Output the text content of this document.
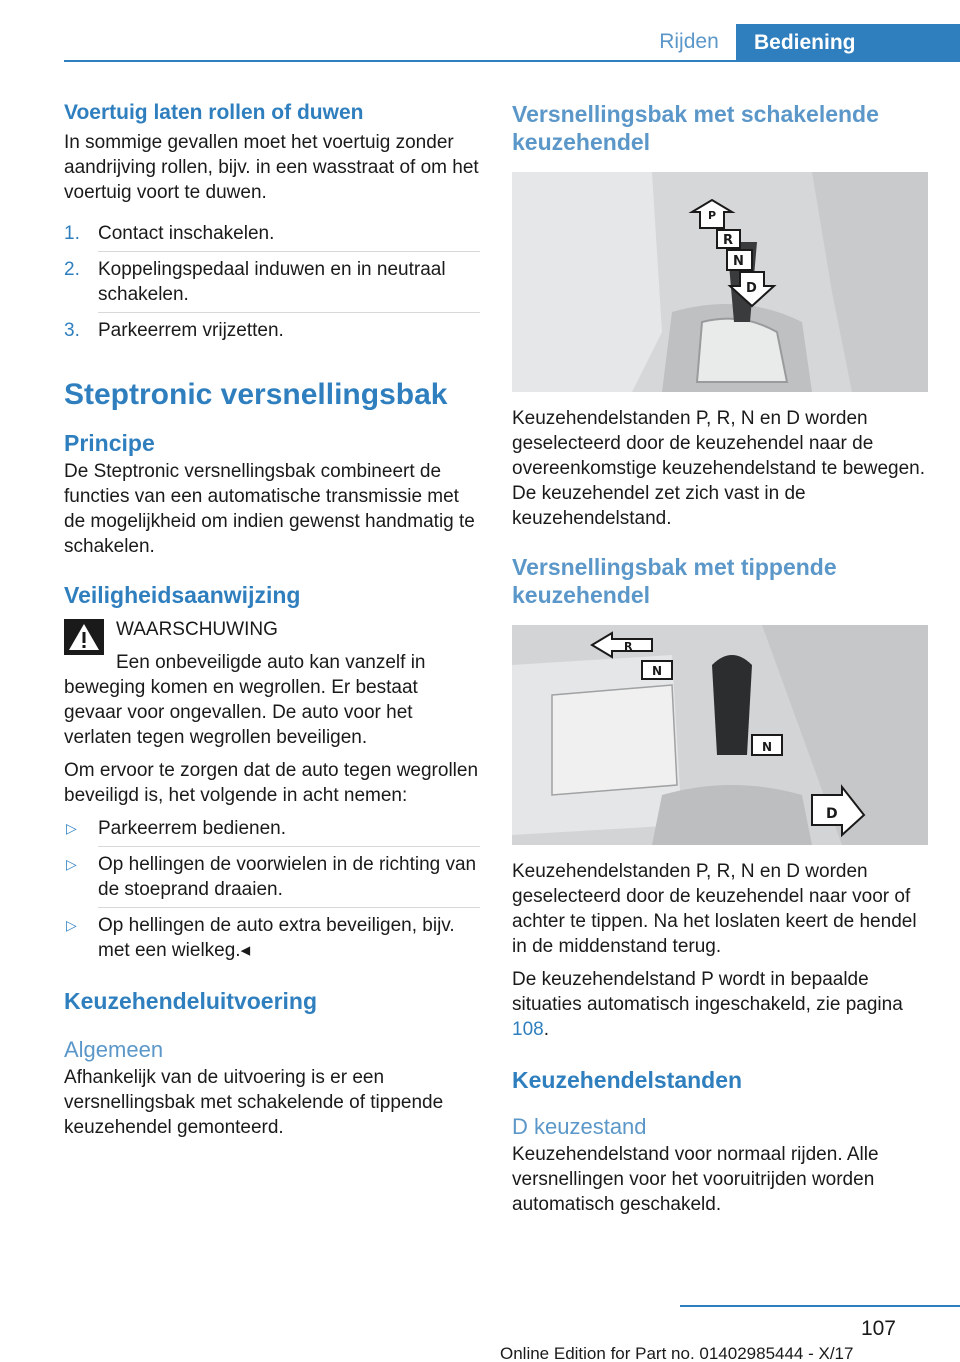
Rijden	Bediening
Voertuig laten rollen of duwen

In sommige gevallen moet het voertuig zonder aandrijving rollen, bijv. in een wasstraat of om het voertuig voort te duwen.

1. Contact inschakelen.
2. Koppelingspedaal induwen en in neutraal schakelen.
3. Parkeerrem vrijzetten.
Steptronic versnellingsbak
Principe

De Steptronic versnellingsbak combineert de functies van een automatische transmissie met de mogelijkheid om indien gewenst handmatig te schakelen.

Veiligheidsaanwijzing

WAARSCHUWING

Een onbeveiligde auto kan vanzelf in beweging komen en wegrollen. Er bestaat gevaar voor ongevallen. De auto voor het verlaten tegen wegrollen beveiligen.

Om ervoor te zorgen dat de auto tegen wegrollen beveiligd is, het volgende in acht nemen:

▷ Parkeerrem bedienen.
▷ Op hellingen de voorwielen in de richting van de stoeprand draaien.
▷ Op hellingen de auto extra beveiligen, bijv. met een wielkeg.◂
Keuzehendeluitvoering
Algemeen

Afhankelijk van de uitvoering is er een versnellingsbak met schakelende of tippende keuzehendel gemonteerd.

Versnellingsbak met schakelende keuzehendel
P
R
N
D

Keuzehendelstanden P, R, N en D worden geselecteerd door de keuzehendel naar de overeenkomstige keuzehendelstand te bewegen. De keuzehendel zet zich vast in de keuzehendelstand.

Versnellingsbak met tippende keuzehendel
R
N
N
D

Keuzehendelstanden P, R, N en D worden geselecteerd door de keuzehendel naar voor of achter te tippen. Na het loslaten keert de hendel in de middenstand terug.

De keuzehendelstand P wordt in bepaalde situaties automatisch ingeschakeld, zie pagina 108.

Keuzehendelstanden
D keuzestand

Keuzehendelstand voor normaal rijden. Alle versnellingen voor het vooruitrijden worden automatisch geschakeld.

107
Online Edition for Part no. 01402985444 - X/17
